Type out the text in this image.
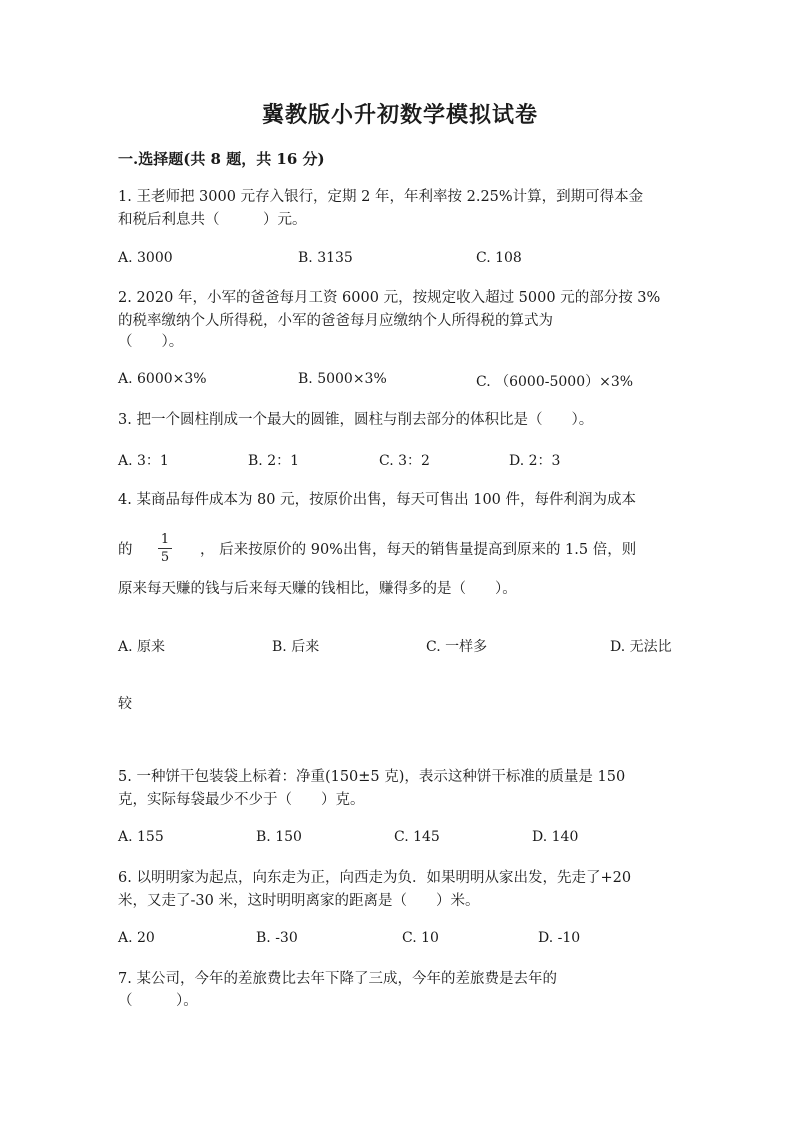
冀教版小升初数学模拟试卷
一.选择题(共 8 题，共 16 分)
1. 王老师把 3000 元存入银行，定期 2 年，年利率按 2.25%计算，到期可得本金
和税后利息共（　　　）元。
A. 3000	B. 3135	C. 108
2. 2020 年，小军的爸爸每月工资 6000 元，按规定收入超过 5000 元的部分按 3%
的税率缴纳个人所得税，小军的爸爸每月应缴纳个人所得税的算式为
（　　）。
A. 6000×3%	B. 5000×3%	C. （6000-5000）×3%
3. 把一个圆柱削成一个最大的圆锥，圆柱与削去部分的体积比是（　　）。
A. 3：1	B. 2：1	C. 3：2	D. 2：3
4. 某商品每件成本为 80 元，按原价出售，每天可售出 100 件，每件利润为成本
的
1
5 ， 后来按原价的 90%出售，每天的销售量提高到原来的 1.5 倍，则
原来每天赚的钱与后来每天赚的钱相比，赚得多的是（　　）。
A. 原来	B. 后来	C. 一样多	D. 无法比
较
5. 一种饼干包装袋上标着：净重(150±5 克)，表示这种饼干标准的质量是 150
克，实际每袋最少不少于（　　）克。
A. 155	B. 150	C. 145	D. 140
6. 以明明家为起点，向东走为正，向西走为负．如果明明从家出发，先走了+20
米，又走了-30 米，这时明明离家的距离是（　　）米。
A. 20	B. -30	C. 10	D. -10
7. 某公司，今年的差旅费比去年下降了三成，今年的差旅费是去年的
（　　　）。
